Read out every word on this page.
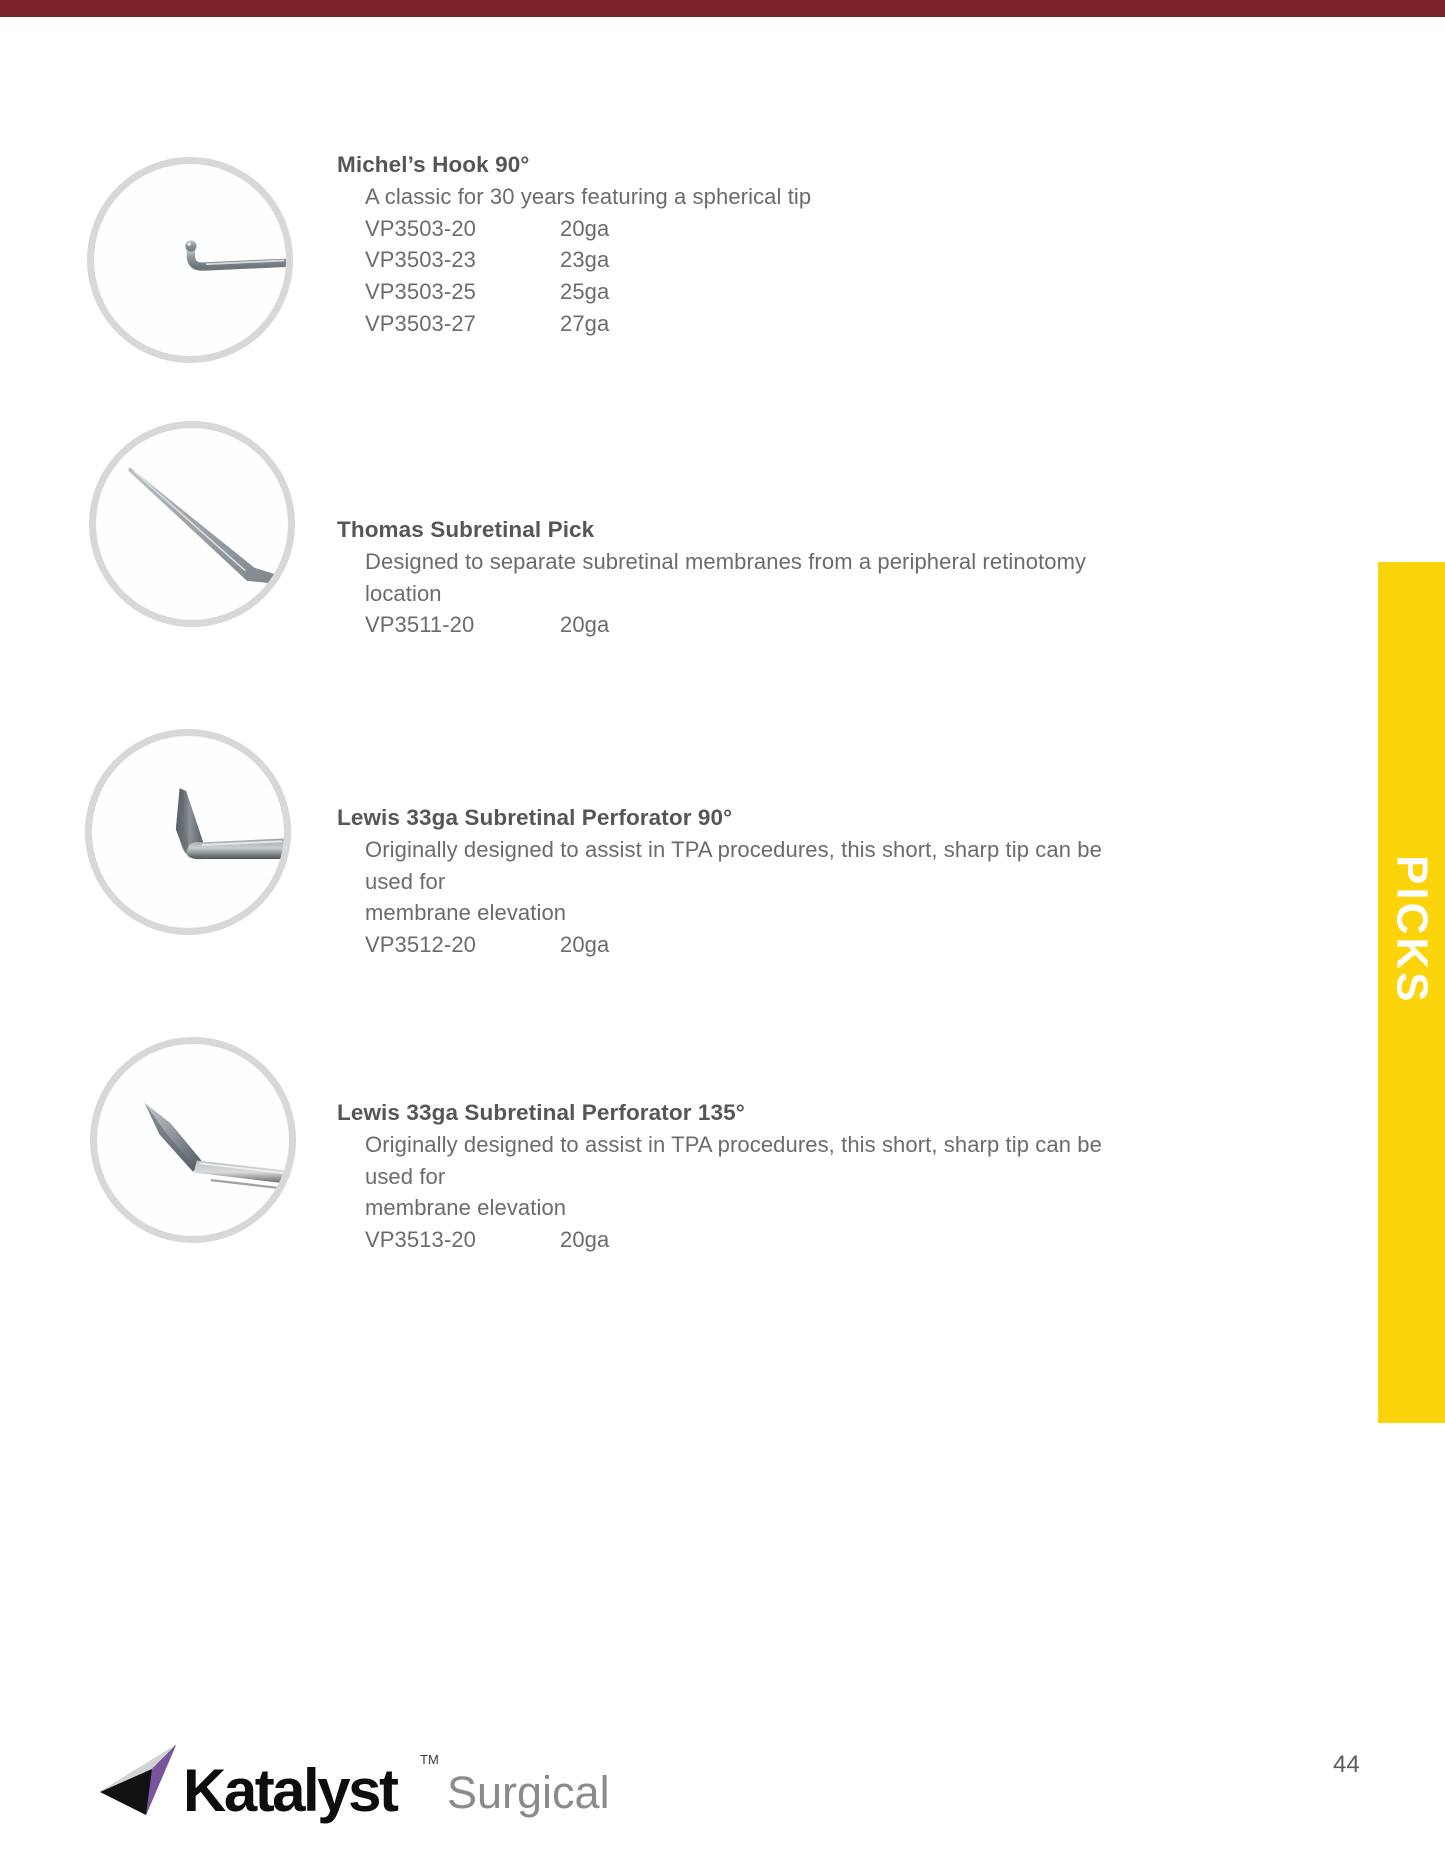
Michel’s Hook 90°
A classic for 30 years featuring a spherical tip
VP3503-20	20ga
VP3503-23	23ga
VP3503-25	25ga
VP3503-27	27ga
Thomas Subretinal Pick
Designed to separate subretinal membranes from a peripheral retinotomy location
VP3511-20	20ga
Lewis 33ga Subretinal Perforator 90°
Originally designed to assist in TPA procedures, this short, sharp tip can be used for
membrane elevation
VP3512-20	20ga
Lewis 33ga Subretinal Perforator 135°
Originally designed to assist in TPA procedures, this short, sharp tip can be used for
membrane elevation
VP3513-20	20ga
PICKS
Katalyst TM
Surgical
44
